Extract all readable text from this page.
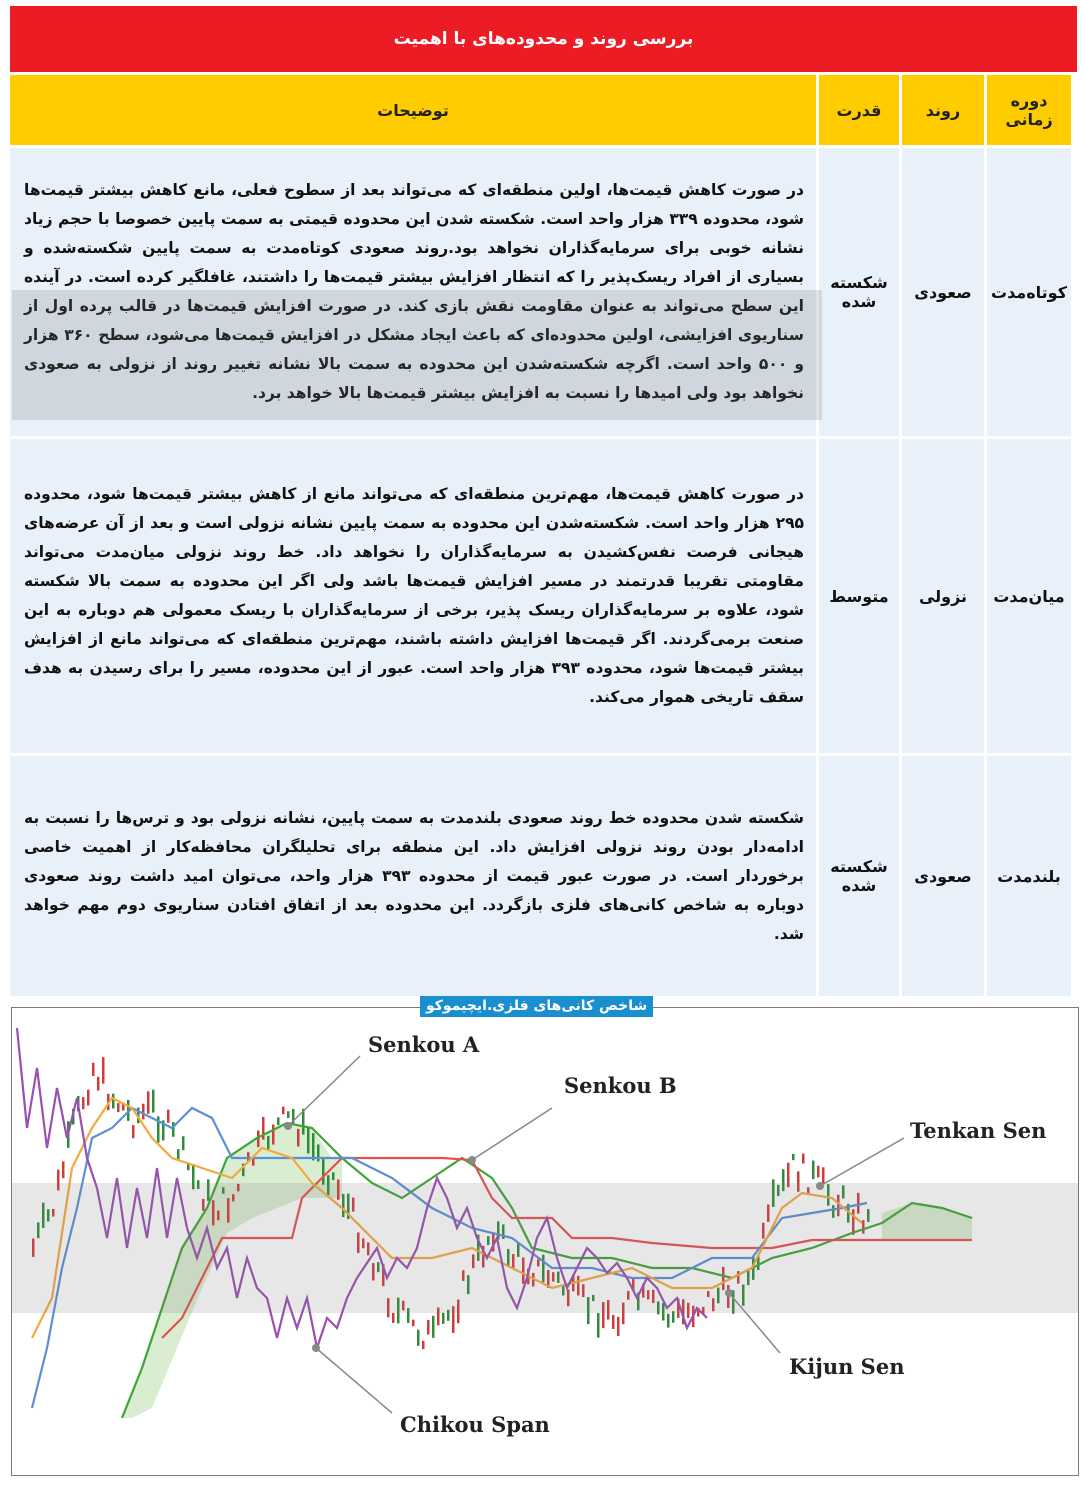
بررسی روند و محدوده‌های با اهمیت
دوره زمانی	روند	قدرت	توضیحات
کوتاه‌مدت	صعودی	شکسته شده	در صورت کاهش قیمت‌ها، اولین منطقه‌ای که می‌تواند بعد از سطوح فعلی، مانع کاهش بیشتر قیمت‌ها شود، محدوده ۳۳۹ هزار واحد است. شکسته شدن این محدوده قیمتی به سمت پایین خصوصا با حجم زیاد نشانه خوبی برای سرمایه‌گذاران نخواهد بود.روند صعودی کوتاه‌مدت به سمت پایین شکسته‌شده و بسیاری از افراد ریسک‌پذیر را که انتظار افزایش بیشتر قیمت‌ها را داشتند، غافلگیر کرده است. در آینده این سطح می‌تواند به عنوان مقاومت نقش بازی کند. در صورت افزایش قیمت‌ها در قالب پرده اول از سناریوی افزایشی، اولین محدوده‌ای که باعث ایجاد مشکل در افزایش قیمت‌ها می‌شود، سطح ۳۶۰ هزار و ۵۰۰ واحد است. اگرچه شکسته‌شدن این محدوده به سمت بالا نشانه تغییر روند از نزولی به صعودی نخواهد بود ولی امیدها را نسبت به افزایش بیشتر قیمت‌ها بالا خواهد برد.
میان‌مدت	نزولی	متوسط	در صورت کاهش قیمت‌ها، مهم‌ترین منطقه‌ای که می‌تواند مانع از کاهش بیشتر قیمت‌ها شود، محدوده ۲۹۵ هزار واحد است. شکسته‌شدن این محدوده به سمت پایین نشانه نزولی است و بعد از آن عرضه‌های هیجانی فرصت نفس‌کشیدن به سرمایه‌گذاران را نخواهد داد. خط روند نزولی میان‌مدت می‌تواند مقاومتی تقریبا قدرتمند در مسیر افزایش قیمت‌ها باشد ولی اگر این محدوده به سمت بالا شکسته شود، علاوه بر سرمایه‌گذاران ریسک پذیر، برخی از سرمایه‌گذاران با ریسک معمولی هم دوباره به این صنعت برمی‌گردند. اگر قیمت‌ها افزایش داشته باشند، مهم‌ترین منطقه‌ای که می‌تواند مانع از افزایش بیشتر قیمت‌ها شود، محدوده ۳۹۳ هزار واحد است. عبور از این محدوده، مسیر را برای رسیدن به هدف سقف تاریخی هموار می‌کند.
بلندمدت	صعودی	شکسته شده	شکسته شدن محدوده خط روند صعودی بلندمدت به سمت پایین، نشانه نزولی بود و ترس‌ها را نسبت به ادامه‌دار بودن روند نزولی افزایش داد. این منطقه برای تحلیلگران محافظه‌کار از اهمیت خاصی برخوردار است. در صورت عبور قیمت از محدوده ۳۹۳ هزار واحد، می‌توان امید داشت روند صعودی دوباره به شاخص کانی‌های فلزی بازگردد. این محدوده بعد از اتفاق افتادن سناریوی دوم مهم خواهد شد.
Senkou A
Senkou B
Tenkan Sen
Kijun Sen
Chikou Span
شاخص کانی‌های فلزی.ایچیموکو
